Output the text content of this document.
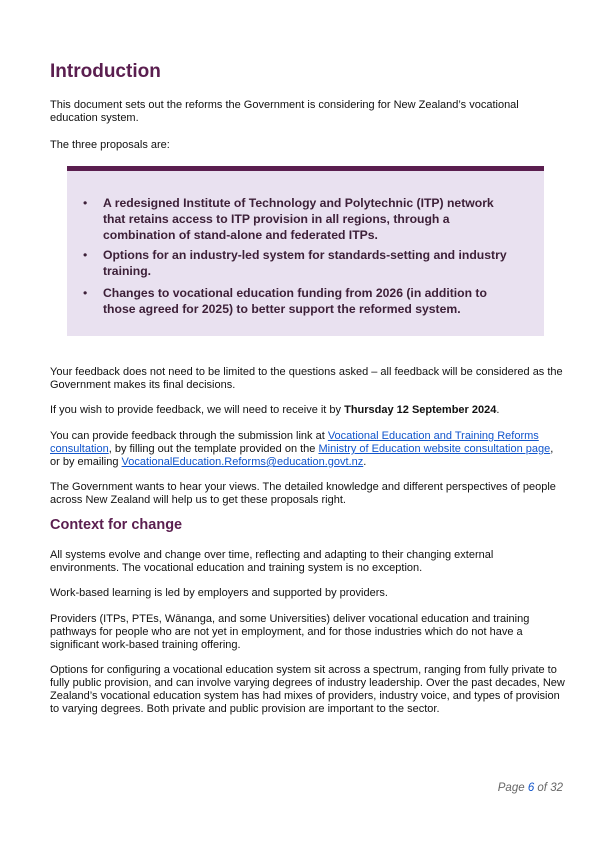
Introduction

This document sets out the reforms the Government is considering for New Zealand’s vocational education system.

The three proposals are:

• A redesigned Institute of Technology and Polytechnic (ITP) network that retains access to ITP provision in all regions, through a combination of stand-alone and federated ITPs.
• Options for an industry-led system for standards-setting and industry training.
• Changes to vocational education funding from 2026 (in addition to those agreed for 2025) to better support the reformed system.

Your feedback does not need to be limited to the questions asked – all feedback will be considered as the Government makes its final decisions.

If you wish to provide feedback, we will need to receive it by Thursday 12 September 2024.

You can provide feedback through the submission link at Vocational Education and Training Reforms consultation, by filling out the template provided on the Ministry of Education website consultation page, or by emailing VocationalEducation.Reforms@education.govt.nz.

The Government wants to hear your views. The detailed knowledge and different perspectives of people across New Zealand will help us to get these proposals right.

Context for change

All systems evolve and change over time, reflecting and adapting to their changing external environments. The vocational education and training system is no exception.

Work-based learning is led by employers and supported by providers.

Providers (ITPs, PTEs, Wānanga, and some Universities) deliver vocational education and training pathways for people who are not yet in employment, and for those industries which do not have a significant work-based training offering.

Options for configuring a vocational education system sit across a spectrum, ranging from fully private to fully public provision, and can involve varying degrees of industry leadership. Over the past decades, New Zealand’s vocational education system has had mixes of providers, industry voice, and types of provision to varying degrees. Both private and public provision are important to the sector.

Page 6 of 32
